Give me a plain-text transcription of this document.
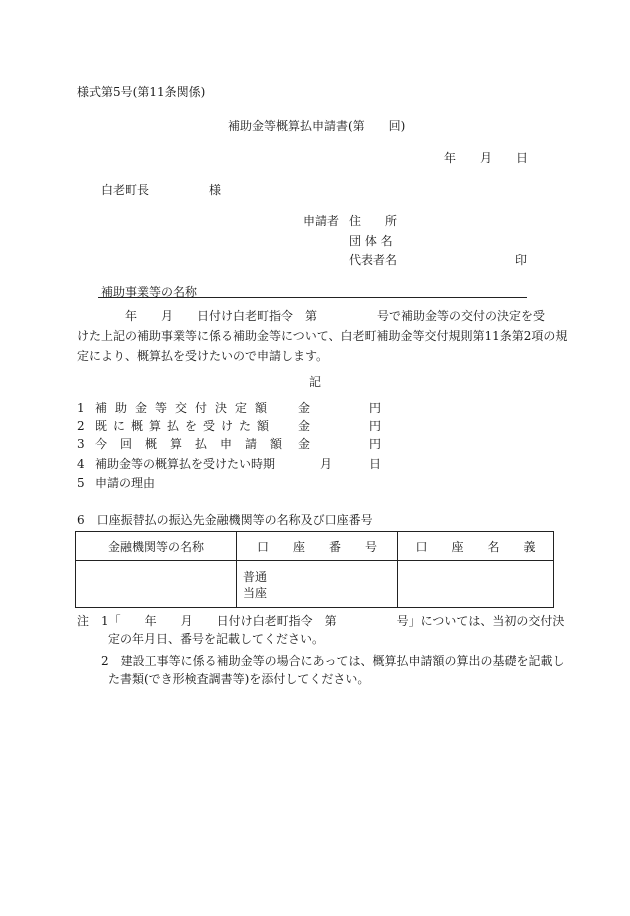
様式第5号(第11条関係)
補助金等概算払申請書(第　　回)
年　　月　　日
白老町長　　　　　様
申請者 住　　所
団 体 名
代表者名	印
補助事業等の名称
年　　月　　日付け白老町指令　第　　　　　号で補助金等の交付の決定を受
けた上記の補助事業等に係る補助金等について、白老町補助金等交付規則第11条第2項の規
定により、概算払を受けたいので申請します。
記
1 補助金等交付決定額 金	円
2 既に概算払を受けた額 金	円
3 今回概算払申請額 金	円
4 補助金等の概算払を受けたい時期	月	日
5 申請の理由
6　口座振替払の振込先金融機関等の名称及び口座番号
金融機関等の名称	口　　座　　番　　号	口　　座　　名　　義

	普通
当座	

注 1「　　年　　月　　日付け白老町指令　第　　　　　号」については、当初の交付決
定の年月日、番号を記載してください。
2　建設工事等に係る補助金等の場合にあっては、概算払申請額の算出の基礎を記載し
た書類(でき形検査調書等)を添付してください。
